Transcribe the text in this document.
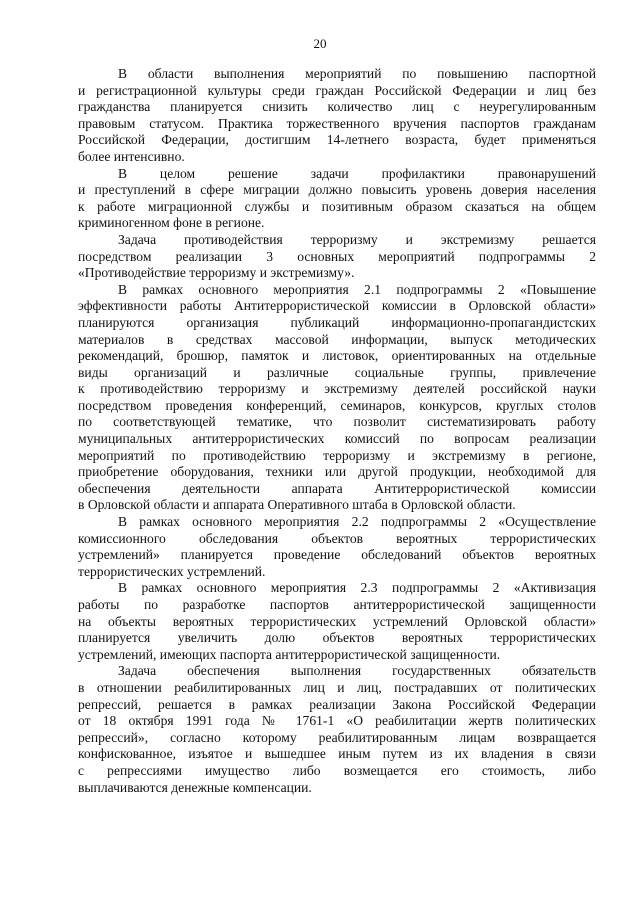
20
В области выполнения мероприятий по повышению паспортной
и регистрационной культуры среди граждан Российской Федерации и лиц без
гражданства планируется снизить количество лиц с неурегулированным
правовым статусом. Практика торжественного вручения паспортов гражданам
Российской Федерации, достигшим 14-летнего возраста, будет применяться
более интенсивно.
В целом решение задачи профилактики правонарушений
и преступлений в сфере миграции должно повысить уровень доверия населения
к работе миграционной службы и позитивным образом сказаться на общем
криминогенном фоне в регионе.
Задача противодействия терроризму и экстремизму решается
посредством реализации 3 основных мероприятий подпрограммы 2
«Противодействие терроризму и экстремизму».
В рамках основного мероприятия 2.1 подпрограммы 2 «Повышение
эффективности работы Антитеррористической комиссии в Орловской области»
планируются организация публикаций информационно-пропагандистских
материалов в средствах массовой информации, выпуск методических
рекомендаций, брошюр, памяток и листовок, ориентированных на отдельные
виды организаций и различные социальные группы, привлечение
к противодействию терроризму и экстремизму деятелей российской науки
посредством проведения конференций, семинаров, конкурсов, круглых столов
по соответствующей тематике, что позволит систематизировать работу
муниципальных антитеррористических комиссий по вопросам реализации
мероприятий по противодействию терроризму и экстремизму в регионе,
приобретение оборудования, техники или другой продукции, необходимой для
обеспечения деятельности аппарата Антитеррористической комиссии
в Орловской области и аппарата Оперативного штаба в Орловской области.
В рамках основного мероприятия 2.2 подпрограммы 2 «Осуществление
комиссионного обследования объектов вероятных террористических
устремлений» планируется проведение обследований объектов вероятных
террористических устремлений.
В рамках основного мероприятия 2.3 подпрограммы 2 «Активизация
работы по разработке паспортов антитеррористической защищенности
на объекты вероятных террористических устремлений Орловской области»
планируется увеличить долю объектов вероятных террористических
устремлений, имеющих паспорта антитеррористической защищенности.
Задача обеспечения выполнения государственных обязательств
в отношении реабилитированных лиц и лиц, пострадавших от политических
репрессий, решается в рамках реализации Закона Российской Федерации
от 18 октября 1991 года № 1761-1 «О реабилитации жертв политических
репрессий», согласно которому реабилитированным лицам возвращается
конфискованное, изъятое и вышедшее иным путем из их владения в связи
с репрессиями имущество либо возмещается его стоимость, либо
выплачиваются денежные компенсации.
